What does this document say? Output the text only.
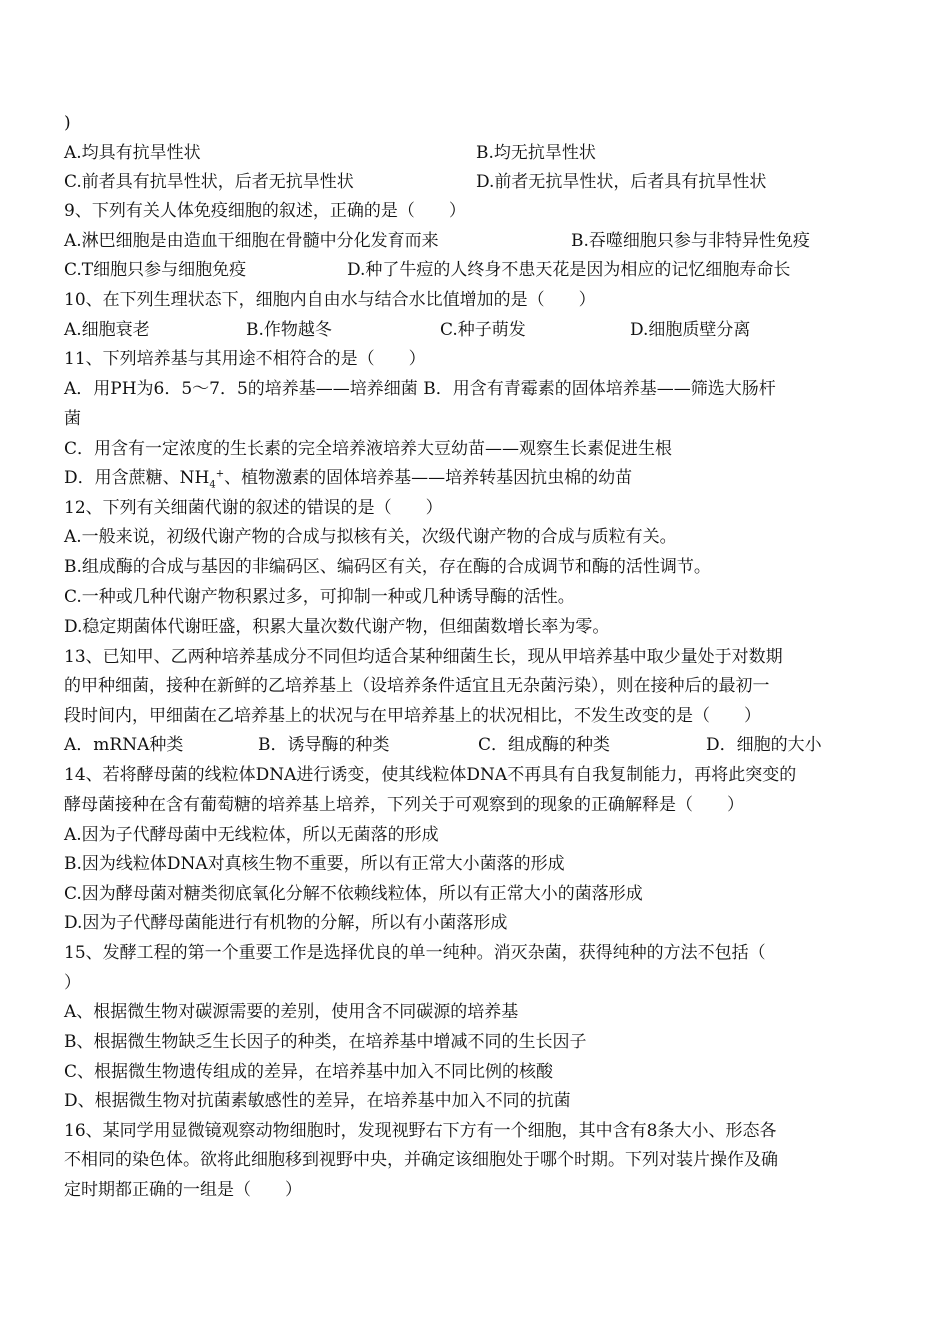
)
A.均具有抗旱性状	B.均无抗旱性状
C.前者具有抗旱性状，后者无抗旱性状	D.前者无抗旱性状，后者具有抗旱性状
9、下列有关人体免疫细胞的叙述，正确的是（　　）
A.淋巴细胞是由造血干细胞在骨髓中分化发育而来	B.吞噬细胞只参与非特异性免疫
C.T细胞只参与细胞免疫	D.种了牛痘的人终身不患天花是因为相应的记忆细胞寿命长
10、在下列生理状态下，细胞内自由水与结合水比值增加的是（　　）
A.细胞衰老	B.作物越冬	C.种子萌发	D.细胞质壁分离
11、下列培养基与其用途不相符合的是（　　）
A．用PH为6．5～7．5的培养基——培养细菌 B．用含有青霉素的固体培养基——筛选大肠杆
菌
C．用含有一定浓度的生长素的完全培养液培养大豆幼苗——观察生长素促进生根
D．用含蔗糖、$NH_4^+$、植物激素的固体培养基——培养转基因抗虫棉的幼苗
12、下列有关细菌代谢的叙述的错误的是（　　）
A.一般来说，初级代谢产物的合成与拟核有关，次级代谢产物的合成与质粒有关。
B.组成酶的合成与基因的非编码区、编码区有关，存在酶的合成调节和酶的活性调节。
C.一种或几种代谢产物积累过多，可抑制一种或几种诱导酶的活性。
D.稳定期菌体代谢旺盛，积累大量次数代谢产物，但细菌数增长率为零。
13、已知甲、乙两种培养基成分不同但均适合某种细菌生长，现从甲培养基中取少量处于对数期
的甲种细菌，接种在新鲜的乙培养基上（设培养条件适宜且无杂菌污染），则在接种后的最初一
段时间内，甲细菌在乙培养基上的状况与在甲培养基上的状况相比，不发生改变的是（　　）
A．mRNA种类	B．诱导酶的种类	C．组成酶的种类	D．细胞的大小
14、若将酵母菌的线粒体DNA进行诱变，使其线粒体DNA不再具有自我复制能力，再将此突变的
酵母菌接种在含有葡萄糖的培养基上培养，下列关于可观察到的现象的正确解释是（　　）
A.因为子代酵母菌中无线粒体，所以无菌落的形成
B.因为线粒体DNA对真核生物不重要，所以有正常大小菌落的形成
C.因为酵母菌对糖类彻底氧化分解不依赖线粒体，所以有正常大小的菌落形成
D.因为子代酵母菌能进行有机物的分解，所以有小菌落形成
15、发酵工程的第一个重要工作是选择优良的单一纯种。消灭杂菌，获得纯种的方法不包括（
）
A、根据微生物对碳源需要的差别，使用含不同碳源的培养基
B、根据微生物缺乏生长因子的种类，在培养基中增减不同的生长因子
C、根据微生物遗传组成的差异，在培养基中加入不同比例的核酸
D、根据微生物对抗菌素敏感性的差异，在培养基中加入不同的抗菌
16、某同学用显微镜观察动物细胞时，发现视野右下方有一个细胞，其中含有8条大小、形态各
不相同的染色体。欲将此细胞移到视野中央，并确定该细胞处于哪个时期。下列对装片操作及确
定时期都正确的一组是（　　）
